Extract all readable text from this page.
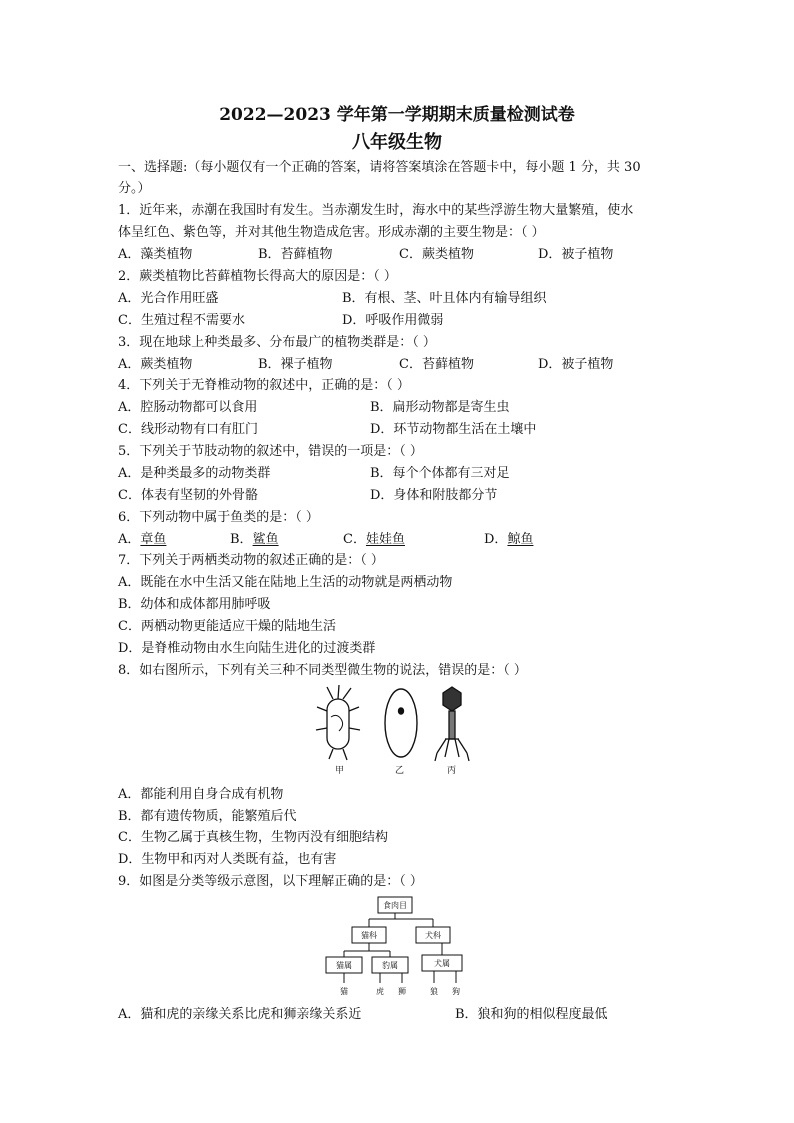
2022—2023 学年第一学期期末质量检测试卷
八年级生物
一、选择题:（每小题仅有一个正确的答案，请将答案填涂在答题卡中，每小题 1 分，共 30
分。）
1．近年来，赤潮在我国时有发生。当赤潮发生时，海水中的某些浮游生物大量繁殖，使水
体呈红色、紫色等，并对其他生物造成危害。形成赤潮的主要生物是：（ ）
A．藻类植物	B．苔藓植物	C．蕨类植物	D．被子植物
2．蕨类植物比苔藓植物长得高大的原因是：（ ）
A．光合作用旺盛	B．有根、茎、叶且体内有输导组织
C．生殖过程不需要水	D．呼吸作用微弱
3．现在地球上种类最多、分布最广的植物类群是：（ ）
A．蕨类植物	B．裸子植物	C．苔藓植物	D．被子植物
4．下列关于无脊椎动物的叙述中，正确的是：（ ）
A．腔肠动物都可以食用	B．扁形动物都是寄生虫
C．线形动物有口有肛门	D．环节动物都生活在土壤中
5．下列关于节肢动物的叙述中，错误的一项是：（ ）
A．是种类最多的动物类群	B．每个个体都有三对足
C．体表有坚韧的外骨骼	D．身体和附肢都分节
6．下列动物中属于鱼类的是：（ ）
A．章鱼	B．鲨鱼	C．娃娃鱼	D．鲸鱼
7．下列关于两栖类动物的叙述正确的是：（ ）
A．既能在水中生活又能在陆地上生活的动物就是两栖动物
B．幼体和成体都用肺呼吸
C．两栖动物更能适应干燥的陆地生活
D．是脊椎动物由水生向陆生进化的过渡类群
8．如右图所示，下列有关三种不同类型微生物的说法，错误的是：（ ）
甲	乙	丙
A．都能利用自身合成有机物
B．都有遗传物质，能繁殖后代
C．生物乙属于真核生物，生物丙没有细胞结构
D．生物甲和丙对人类既有益，也有害
9．如图是分类等级示意图，以下理解正确的是：（ ）
食肉目
猫科	犬科
猫属	豹属	犬属
猫	虎 狮	狼 狗
A．猫和虎的亲缘关系比虎和狮亲缘关系近	B．狼和狗的相似程度最低
